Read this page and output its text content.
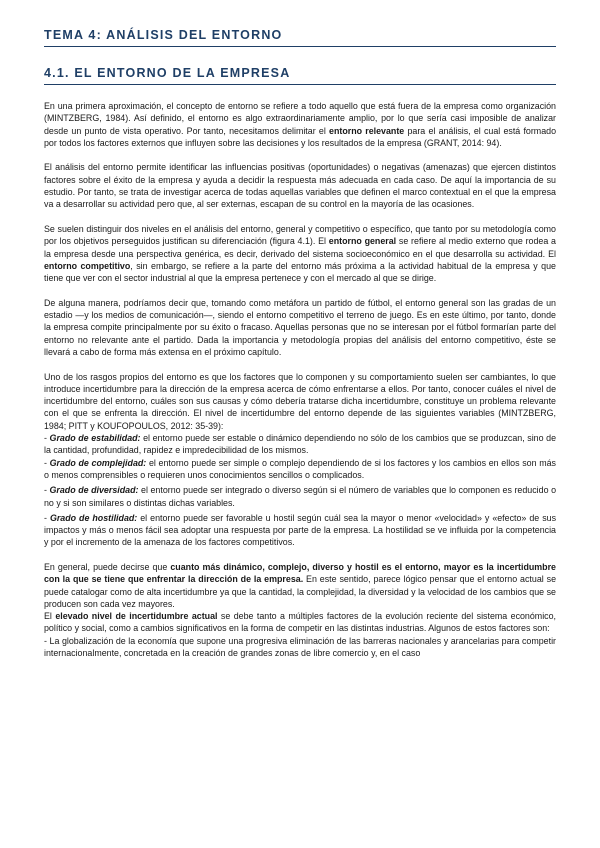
TEMA 4: ANÁLISIS DEL ENTORNO
4.1. EL ENTORNO DE LA EMPRESA

En una primera aproximación, el concepto de entorno se refiere a todo aquello que está fuera de la empresa como organización (MINTZBERG, 1984). Así definido, el entorno es algo extraordinariamente amplio, por lo que sería casi imposible de analizar desde un punto de vista operativo. Por tanto, necesitamos delimitar el entorno relevante para el análisis, el cual está formado por todos los factores externos que influyen sobre las decisiones y los resultados de la empresa (GRANT, 2014: 94).

El análisis del entorno permite identificar las influencias positivas (oportunidades) o negativas (amenazas) que ejercen distintos factores sobre el éxito de la empresa y ayuda a decidir la respuesta más adecuada en cada caso. De aquí la importancia de su estudio. Por tanto, se trata de investigar acerca de todas aquellas variables que definen el marco contextual en el que la empresa va a desarrollar su actividad pero que, al ser externas, escapan de su control en la mayoría de las ocasiones.

Se suelen distinguir dos niveles en el análisis del entorno, general y competitivo o específico, que tanto por su metodología como por los objetivos perseguidos justifican su diferenciación (figura 4.1). El entorno general se refiere al medio externo que rodea a la empresa desde una perspectiva genérica, es decir, derivado del sistema socioeconómico en el que desarrolla su actividad. El entorno competitivo, sin embargo, se refiere a la parte del entorno más próxima a la actividad habitual de la empresa y que tiene que ver con el sector industrial al que la empresa pertenece y con el mercado al que se dirige.

De alguna manera, podríamos decir que, tomando como metáfora un partido de fútbol, el entorno general son las gradas de un estadio —y los medios de comunicación—, siendo el entorno competitivo el terreno de juego. Es en este último, por tanto, donde la empresa compite principalmente por su éxito o fracaso. Aquellas personas que no se interesan por el fútbol formarían parte del entorno no relevante ante el partido. Dada la importancia y metodología propias del análisis del entorno competitivo, éste se llevará a cabo de forma más extensa en el próximo capítulo.

Uno de los rasgos propios del entorno es que los factores que lo componen y su comportamiento suelen ser cambiantes, lo que introduce incertidumbre para la dirección de la empresa acerca de cómo enfrentarse a ellos. Por tanto, conocer cuáles el nivel de incertidumbre del entorno, cuáles son sus causas y cómo debería tratarse dicha incertidumbre, constituye un problema relevante con el que se enfrenta la dirección. El nivel de incertidumbre del entorno depende de las siguientes variables (MINTZBERG, 1984; PITT y KOUFOPOULOS, 2012: 35-39):

- Grado de estabilidad: el entorno puede ser estable o dinámico dependiendo no sólo de los cambios que se produzcan, sino de la cantidad, profundidad, rapidez e impredecibilidad de los mismos.

- Grado de complejidad: el entorno puede ser simple o complejo dependiendo de si los factores y los cambios en ellos son más o menos comprensibles o requieren unos conocimientos sencillos o complicados.

- Grado de diversidad: el entorno puede ser integrado o diverso según si el número de variables que lo componen es reducido o no y si son similares o distintas dichas variables.

- Grado de hostilidad: el entorno puede ser favorable u hostil según cuál sea la mayor o menor «velocidad» y «efecto» de sus impactos y más o menos fácil sea adoptar una respuesta por parte de la empresa. La hostilidad se ve influida por la competencia y por el incremento de la amenaza de los factores competitivos.

En general, puede decirse que cuanto más dinámico, complejo, diverso y hostil es el entorno, mayor es la incertidumbre con la que se tiene que enfrentar la dirección de la empresa. En este sentido, parece lógico pensar que el entorno actual se puede catalogar como de alta incertidumbre ya que la cantidad, la complejidad, la diversidad y la velocidad de los cambios que se producen son cada vez mayores.

El elevado nivel de incertidumbre actual se debe tanto a múltiples factores de la evolución reciente del sistema económico, político y social, como a cambios significativos en la forma de competir en las distintas industrias. Algunos de estos factores son:

- La globalización de la economía que supone una progresiva eliminación de las barreras nacionales y arancelarias para competir internacionalmente, concretada en la creación de grandes zonas de libre comercio y, en el caso
